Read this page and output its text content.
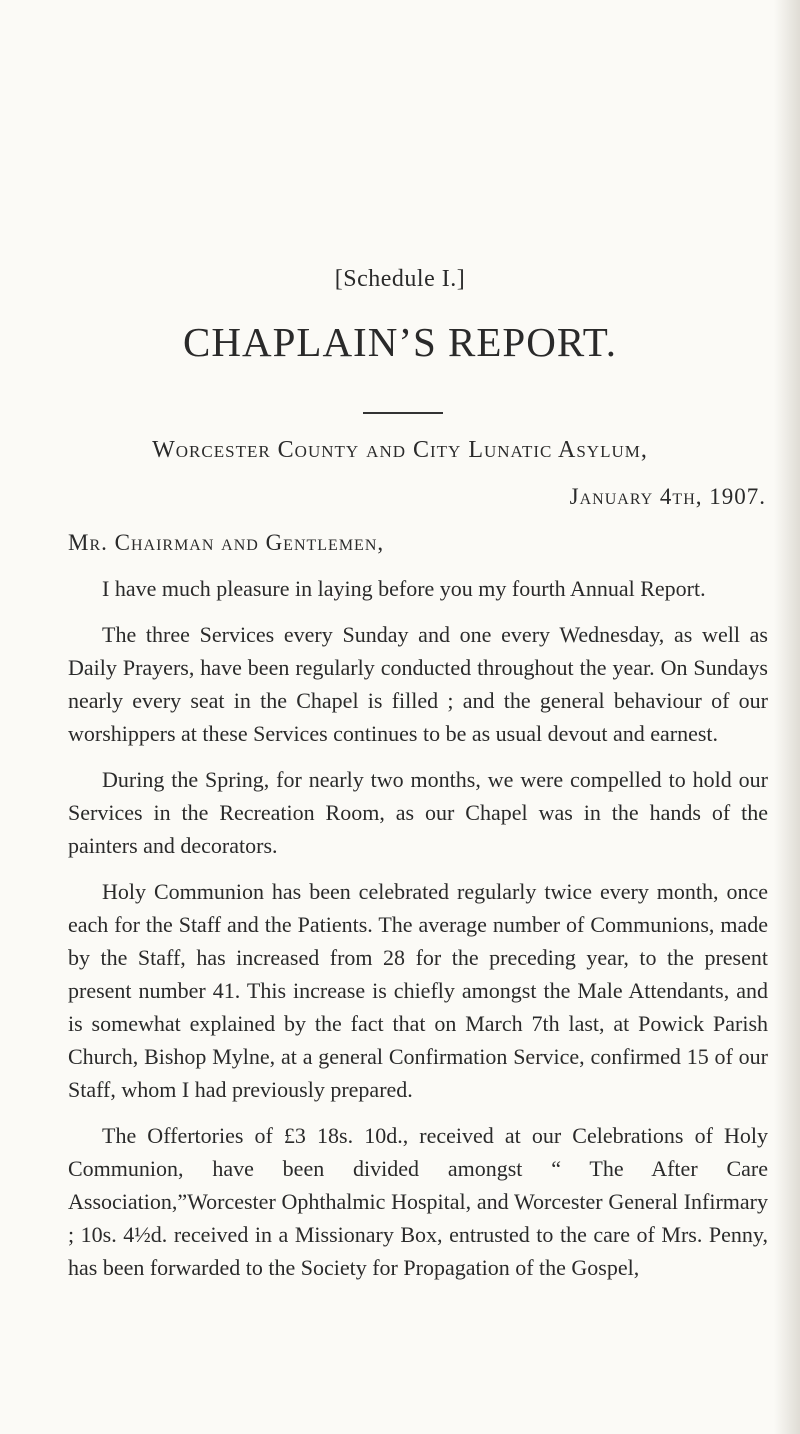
[Schedule I.]

CHAPLAIN’S REPORT.

Worcester County and City Lunatic Asylum,

January 4th, 1907.

Mr. Chairman and Gentlemen,

I have much pleasure in laying before you my fourth Annual Report.

The three Services every Sunday and one every Wednesday, as well as Daily Prayers, have been regularly conducted throughout the year. On Sundays nearly every seat in the Chapel is filled ; and the general behaviour of our worshippers at these Services continues to be as usual devout and earnest.

During the Spring, for nearly two months, we were compelled to hold our Services in the Recreation Room, as our Chapel was in the hands of the painters and decorators.

Holy Communion has been celebrated regularly twice every month, once each for the Staff and the Patients. The average number of Communions, made by the Staff, has increased from 28 for the preceding year, to the present present number 41. This increase is chiefly amongst the Male Attendants, and is somewhat explained by the fact that on March 7th last, at Powick Parish Church, Bishop Mylne, at a general Confirmation Service, confirmed 15 of our Staff, whom I had previously prepared.

The Offertories of £3 18s. 10d., received at our Celebrations of Holy Communion, have been divided amongst “ The After Care Association,”Worcester Ophthalmic Hospital, and Worcester General Infirmary ; 10s. 4½d. received in a Missionary Box, entrusted to the care of Mrs. Penny, has been forwarded to the Society for Propagation of the Gospel,
